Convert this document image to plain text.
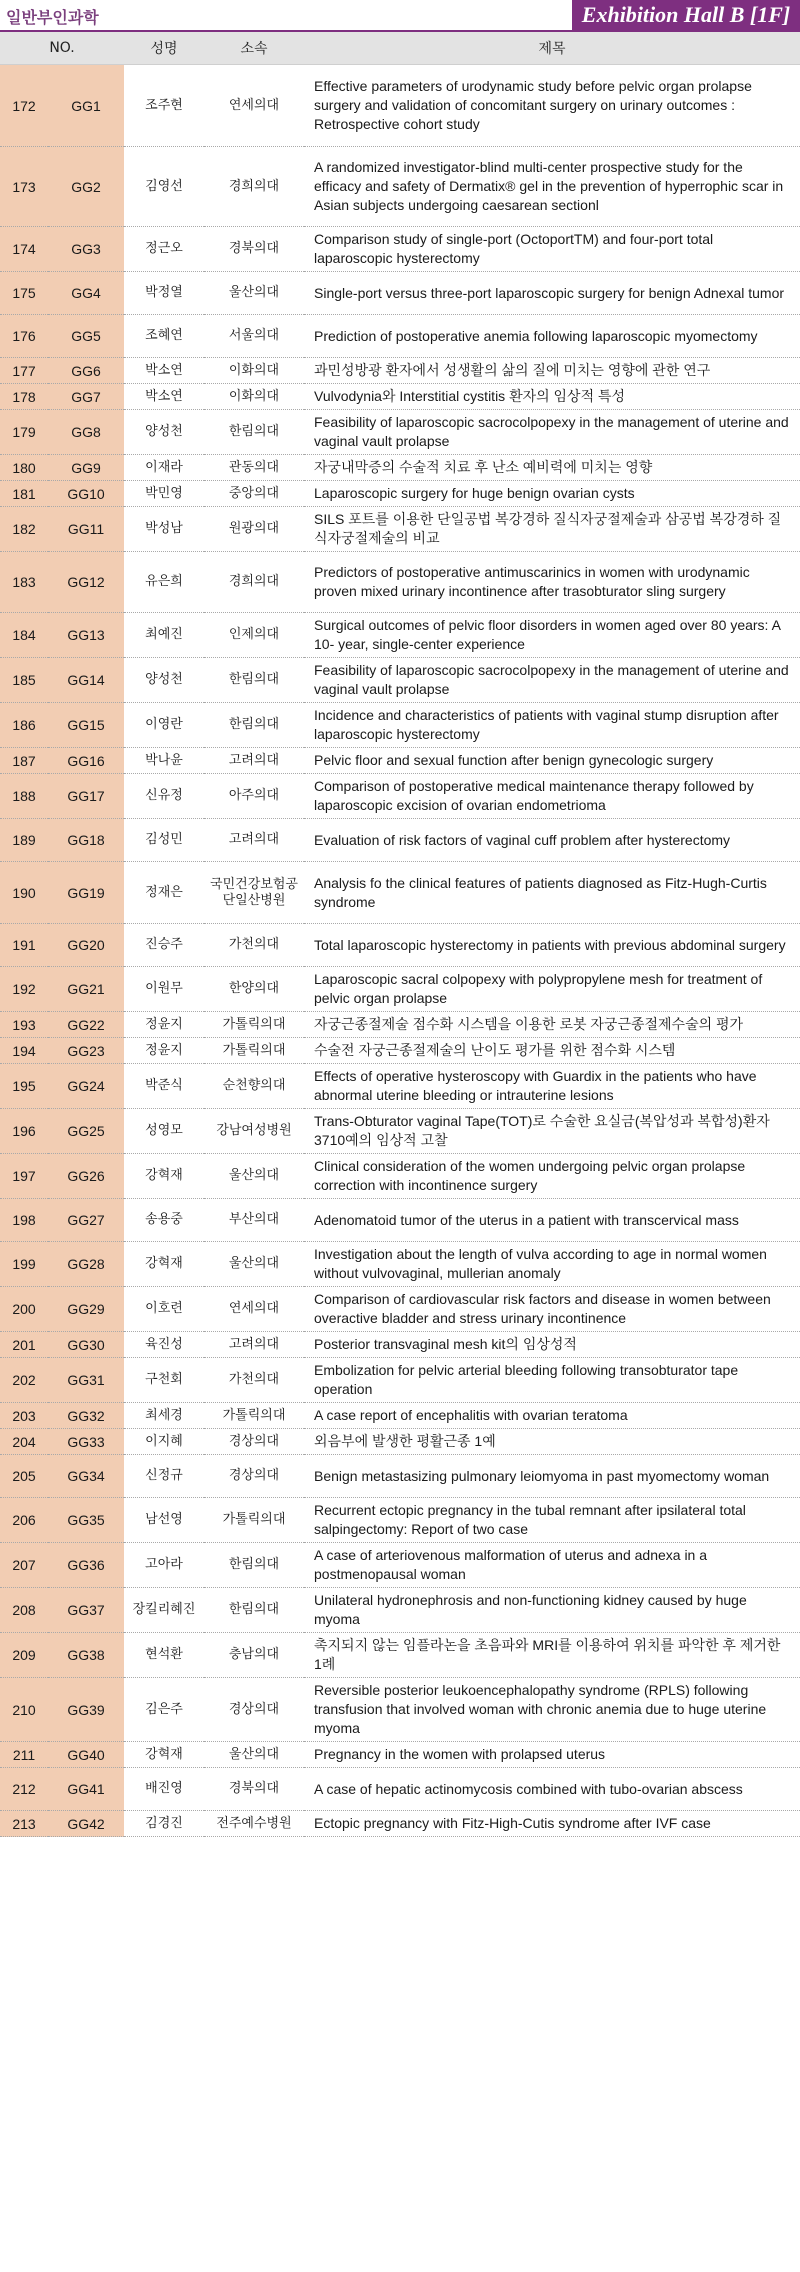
일반부인과학	Exhibition Hall B [1F]
NO.		성명	소속	제목
172	GG1	조주현	연세의대	Effective parameters of urodynamic study before pelvic organ prolapse surgery and validation of concomitant surgery on urinary outcomes : Retrospective cohort study
173	GG2	김영선	경희의대	A randomized investigator-blind multi-center prospective study for the efficacy and safety of Dermatix® gel in the prevention of hyperrophic scar in Asian subjects undergoing caesarean sectionl
174	GG3	정근오	경북의대	Comparison study of single-port (OctoportTM) and four-port total laparoscopic hysterectomy
175	GG4	박정열	울산의대	Single-port versus three-port laparoscopic surgery for benign Adnexal tumor
176	GG5	조혜연	서울의대	Prediction of postoperative anemia following laparoscopic myomectomy
177	GG6	박소연	이화의대	과민성방광 환자에서 성생활의 삶의 질에 미치는 영향에 관한 연구
178	GG7	박소연	이화의대	Vulvodynia와 Interstitial cystitis 환자의 임상적 특성
179	GG8	양성천	한림의대	Feasibility of laparoscopic sacrocolpopexy in the management of uterine and vaginal vault prolapse
180	GG9	이재라	관동의대	자궁내막증의 수술적 치료 후 난소 예비력에 미치는 영향
181	GG10	박민영	중앙의대	Laparoscopic surgery for huge benign ovarian cysts
182	GG11	박성남	원광의대	SILS 포트를 이용한 단일공법 복강경하 질식자궁절제술과 삼공법 복강경하 질식자궁절제술의 비교
183	GG12	유은희	경희의대	Predictors of postoperative antimuscarinics in women with urodynamic proven mixed urinary incontinence after trasobturator sling surgery
184	GG13	최예진	인제의대	Surgical outcomes of pelvic floor disorders in women aged over 80 years: A 10- year, single-center experience
185	GG14	양성천	한림의대	Feasibility of laparoscopic sacrocolpopexy in the management of uterine and vaginal vault prolapse
186	GG15	이영란	한림의대	Incidence and characteristics of patients with vaginal stump disruption after laparoscopic hysterectomy
187	GG16	박나윤	고려의대	Pelvic floor and sexual function after benign gynecologic surgery
188	GG17	신유정	아주의대	Comparison of postoperative medical maintenance therapy followed by laparoscopic excision of ovarian endometrioma
189	GG18	김성민	고려의대	Evaluation of risk factors of vaginal cuff problem after hysterectomy
190	GG19	정재은	국민건강보험공단일산병원	Analysis fo the clinical features of patients diagnosed as Fitz-Hugh-Curtis syndrome
191	GG20	진승주	가천의대	Total laparoscopic hysterectomy in patients with previous abdominal surgery
192	GG21	이원무	한양의대	Laparoscopic sacral colpopexy with polypropylene mesh for treatment of pelvic organ prolapse
193	GG22	정윤지	가톨릭의대	자궁근종절제술 점수화 시스템을 이용한 로봇 자궁근종절제수술의 평가
194	GG23	정윤지	가톨릭의대	수술전 자궁근종절제술의 난이도 평가를 위한 점수화 시스템
195	GG24	박준식	순천향의대	Effects of operative hysteroscopy with Guardix in the patients who have abnormal uterine bleeding or intrauterine lesions
196	GG25	성영모	강남여성병원	Trans-Obturator vaginal Tape(TOT)로 수술한 요실금(복압성과 복합성)환자 3710예의 임상적 고찰
197	GG26	강혁재	울산의대	Clinical consideration of the women undergoing pelvic organ prolapse correction with incontinence surgery
198	GG27	송용중	부산의대	Adenomatoid tumor of the uterus in a patient with transcervical mass
199	GG28	강혁재	울산의대	Investigation about the length of vulva according to age in normal women without vulvovaginal, mullerian anomaly
200	GG29	이호련	연세의대	Comparison of cardiovascular risk factors and disease in women between overactive bladder and stress urinary incontinence
201	GG30	육진성	고려의대	Posterior transvaginal mesh kit의 임상성적
202	GG31	구천회	가천의대	Embolization for pelvic arterial bleeding following transobturator tape operation
203	GG32	최세경	가톨릭의대	A case report of encephalitis with ovarian teratoma
204	GG33	이지혜	경상의대	외음부에 발생한 평활근종 1예
205	GG34	신정규	경상의대	Benign metastasizing pulmonary leiomyoma in past myomectomy woman
206	GG35	남선영	가톨릭의대	Recurrent ectopic pregnancy in the tubal remnant after ipsilateral total salpingectomy: Report of two case
207	GG36	고아라	한림의대	A case of arteriovenous malformation of uterus and adnexa in a postmenopausal woman
208	GG37	장킬리혜진	한림의대	Unilateral hydronephrosis and non-functioning kidney caused by huge myoma
209	GG38	현석환	충남의대	촉지되지 않는 임플라논을 초음파와 MRI를 이용하여 위치를 파악한 후 제거한 1례
210	GG39	김은주	경상의대	Reversible posterior leukoencephalopathy syndrome (RPLS) following transfusion that involved woman with chronic anemia due to huge uterine myoma
211	GG40	강혁재	울산의대	Pregnancy in the women with prolapsed uterus
212	GG41	배진영	경북의대	A case of hepatic actinomycosis combined with tubo-ovarian abscess
213	GG42	김경진	전주예수병원	Ectopic pregnancy with Fitz-High-Cutis syndrome after IVF case
